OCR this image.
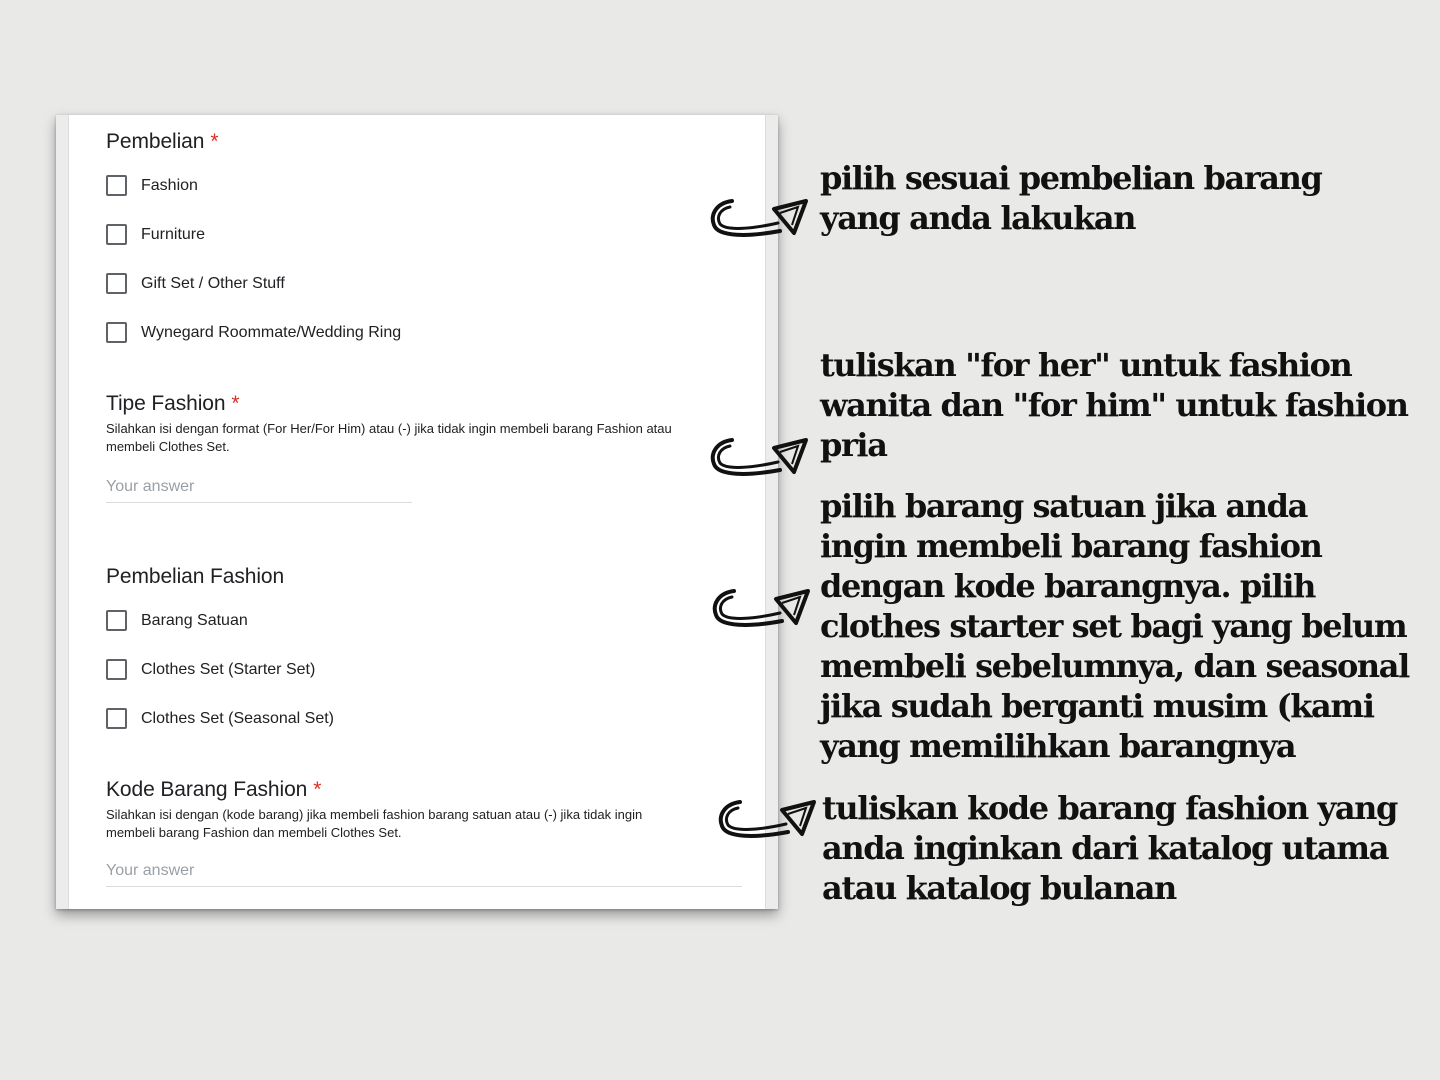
Pembelian *
Fashion
Furniture
Gift Set / Other Stuff
Wynegard Roommate/Wedding Ring
Tipe Fashion *
Silahkan isi dengan format (For Her/For Him) atau (-) jika tidak ingin membeli barang Fashion atau
membeli Clothes Set.
Your answer
Pembelian Fashion
Barang Satuan
Clothes Set (Starter Set)
Clothes Set (Seasonal Set)
Kode Barang Fashion *
Silahkan isi dengan (kode barang) jika membeli fashion barang satuan atau (-) jika tidak ingin
membeli barang Fashion dan membeli Clothes Set.
Your answer
pilih sesuai pembelian barang
yang anda lakukan
tuliskan "for her" untuk fashion
wanita dan "for him" untuk fashion
pria
pilih barang satuan jika anda
ingin membeli barang fashion
dengan kode barangnya. pilih
clothes starter set bagi yang belum
membeli sebelumnya, dan seasonal
jika sudah berganti musim (kami
yang memilihkan barangnya
tuliskan kode barang fashion yang
anda inginkan dari katalog utama
atau katalog bulanan
